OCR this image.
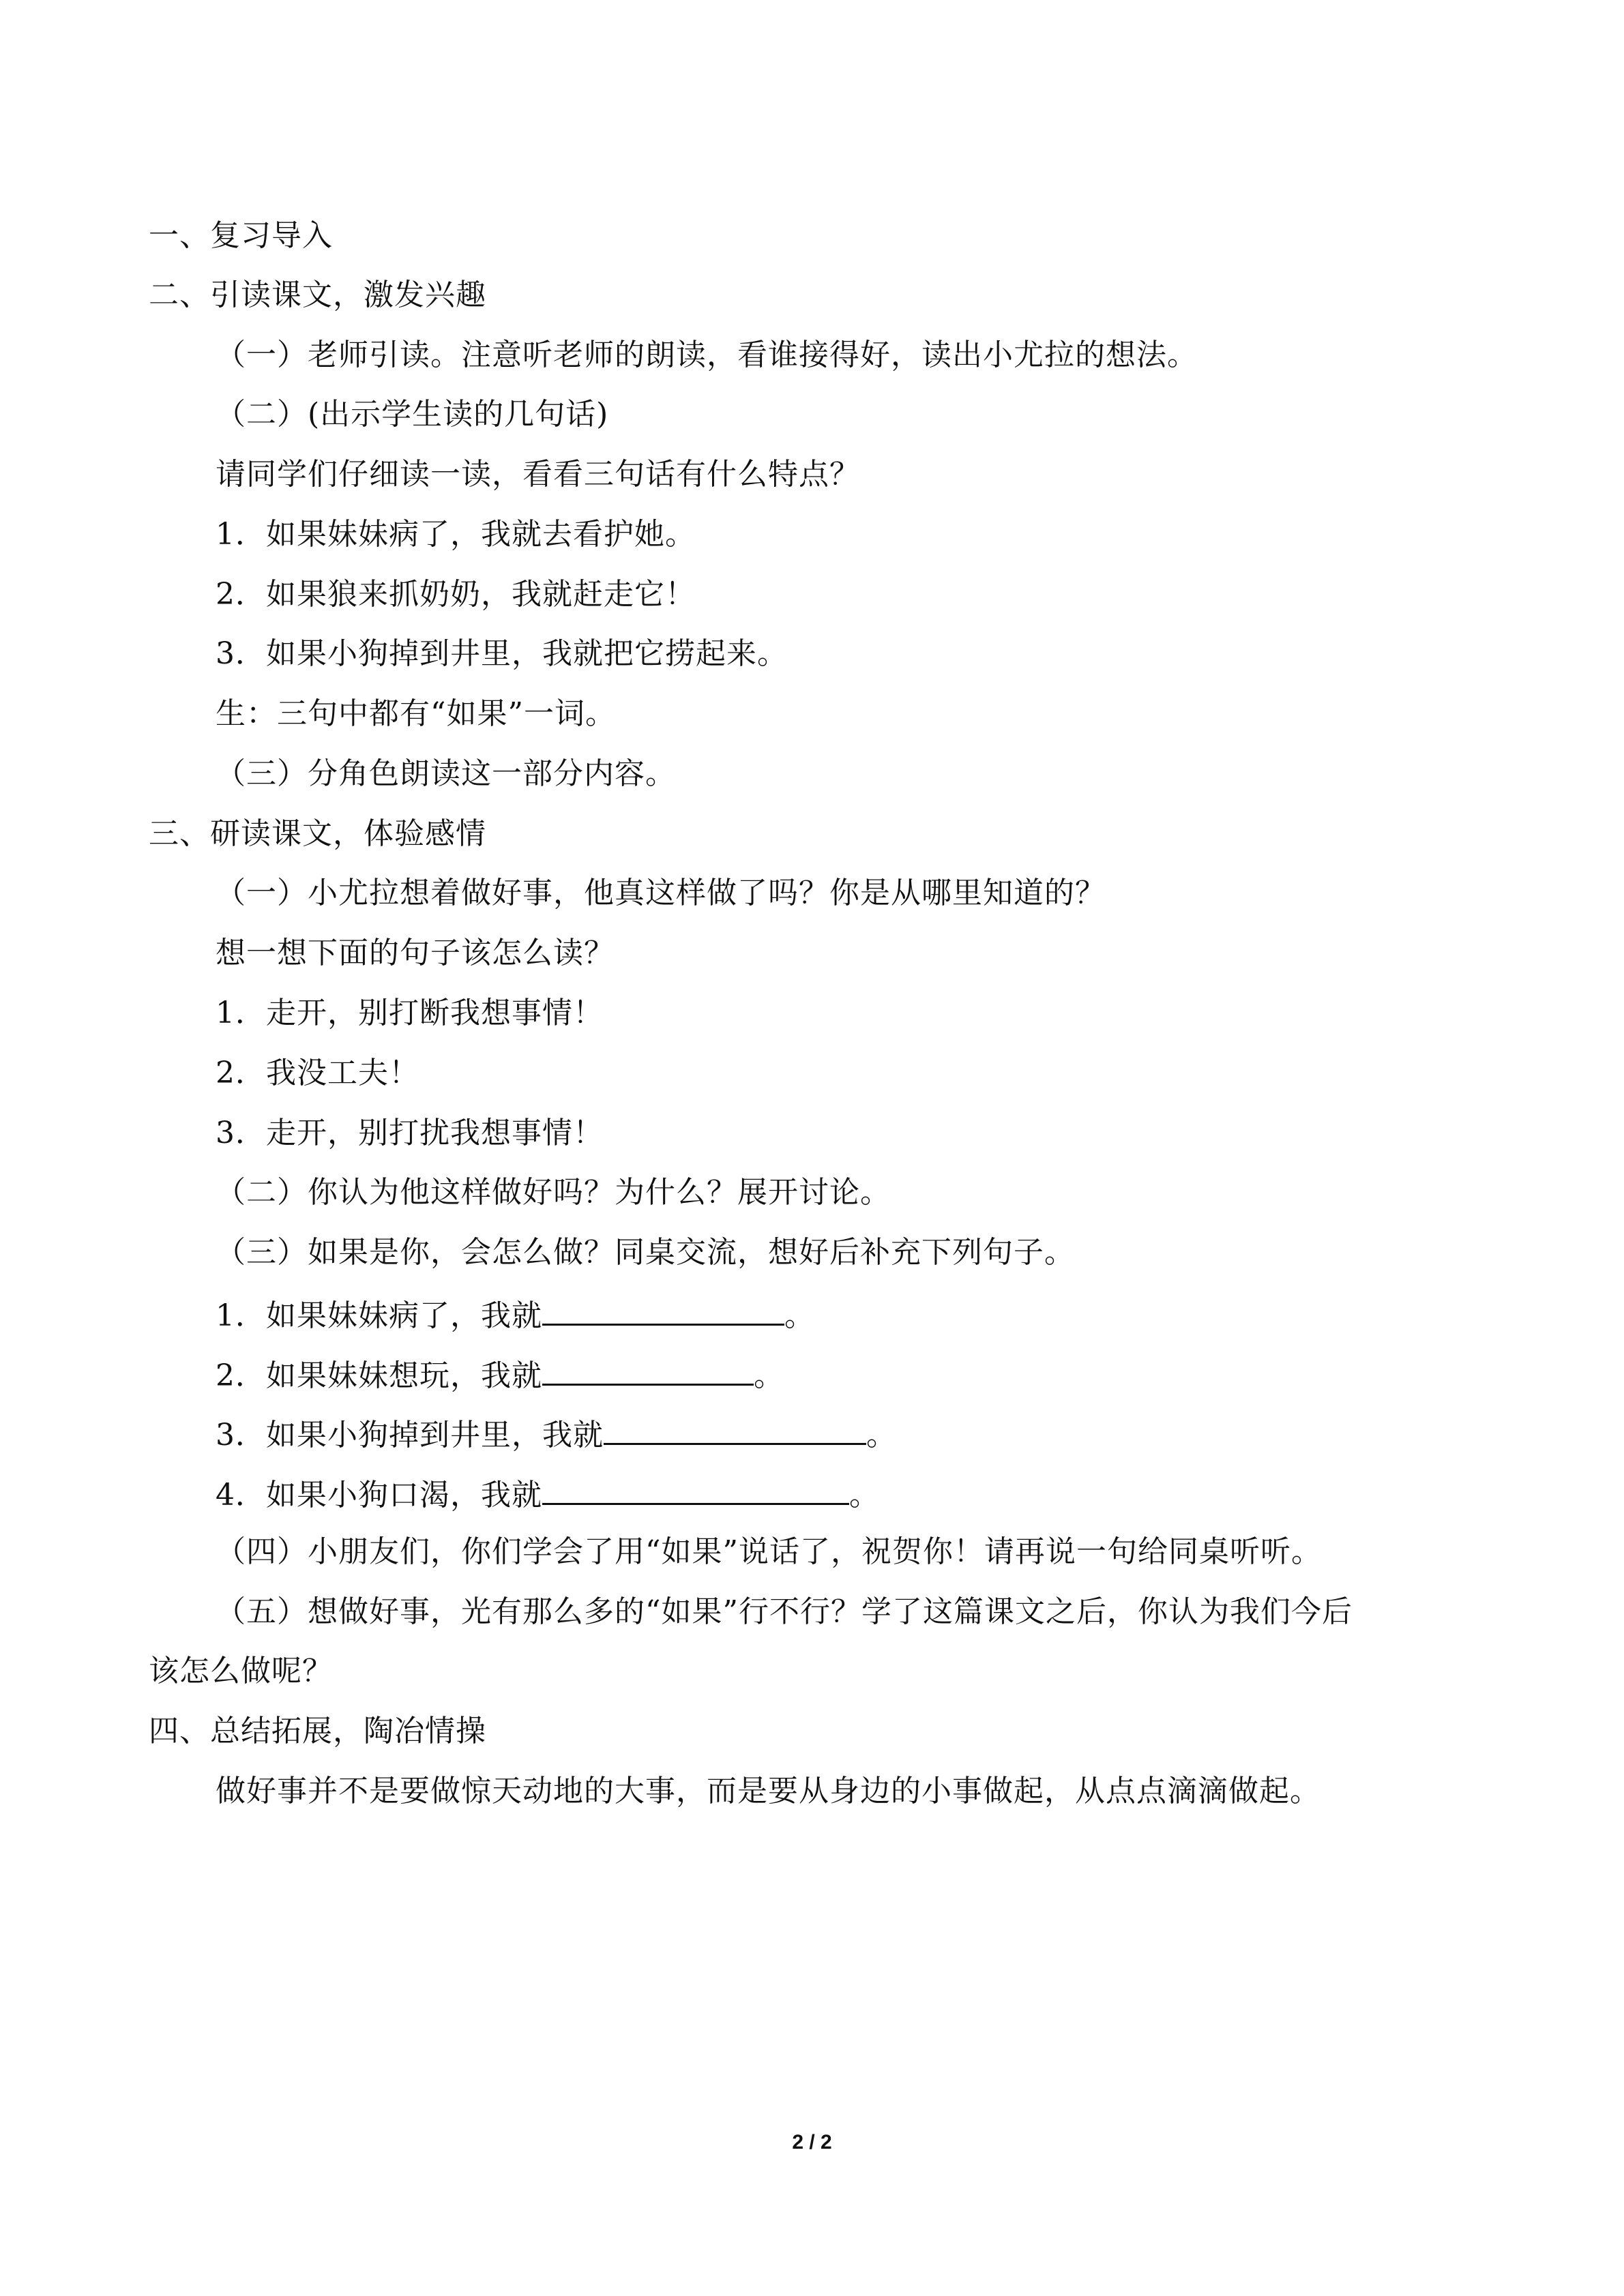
一、复习导入
二、引读课文，激发兴趣
（一）老师引读。注意听老师的朗读，看谁接得好，读出小尤拉的想法。
（二）(出示学生读的几句话)
请同学们仔细读一读，看看三句话有什么特点？
1．如果妹妹病了，我就去看护她。
2．如果狼来抓奶奶，我就赶走它！
3．如果小狗掉到井里，我就把它捞起来。
生：三句中都有“如果”一词。
（三）分角色朗读这一部分内容。
三、研读课文，体验感情
（一）小尤拉想着做好事，他真这样做了吗？你是从哪里知道的？
想一想下面的句子该怎么读？
1．走开，别打断我想事情！
2．我没工夫！
3．走开，别打扰我想事情！
（二）你认为他这样做好吗？为什么？展开讨论。
（三）如果是你，会怎么做？同桌交流，想好后补充下列句子。
1．如果妹妹病了，我就	。
2．如果妹妹想玩，我就	。
3．如果小狗掉到井里，我就	。
4．如果小狗口渴，我就	。
（四）小朋友们，你们学会了用“如果”说话了，祝贺你！请再说一句给同桌听听。
（五）想做好事，光有那么多的“如果”行不行？学了这篇课文之后，你认为我们今后
该怎么做呢？
四、总结拓展，陶冶情操
做好事并不是要做惊天动地的大事，而是要从身边的小事做起，从点点滴滴做起。
2 / 2
